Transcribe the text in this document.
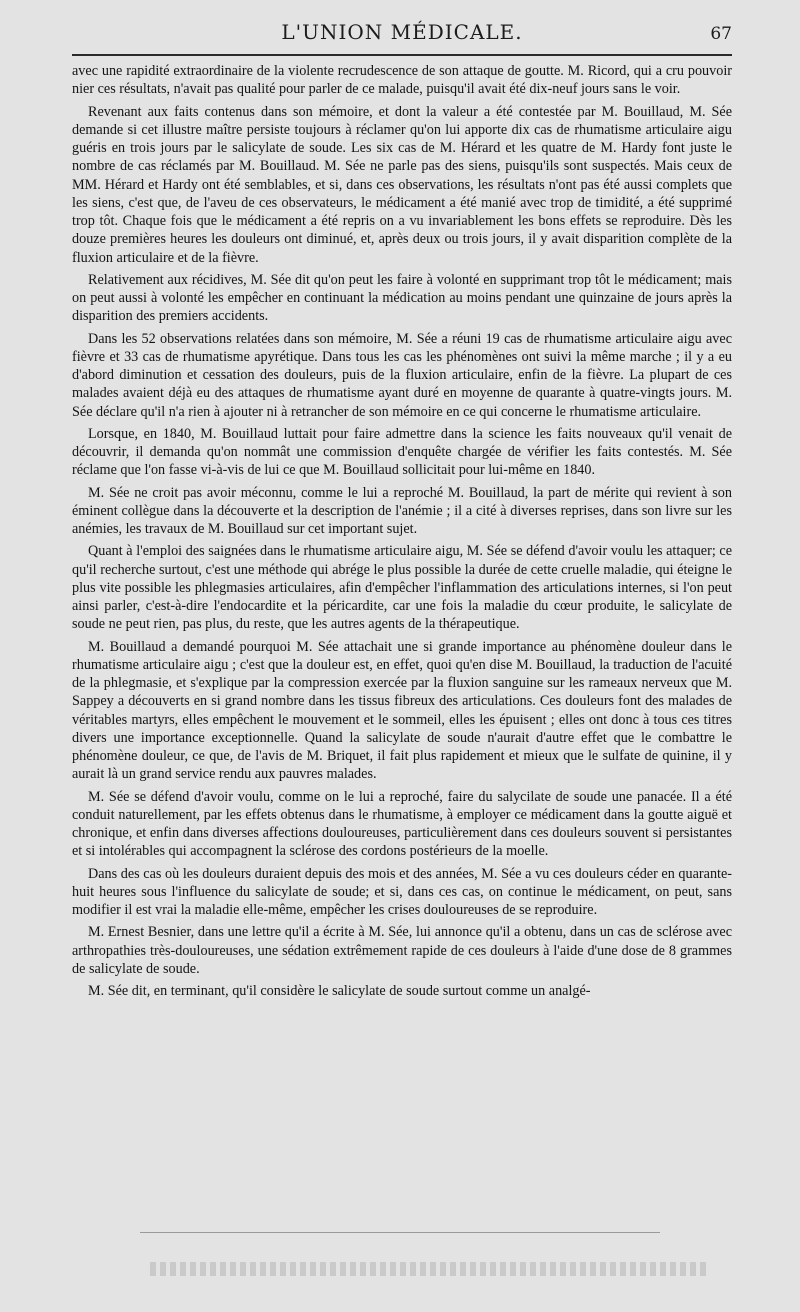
L'UNION MÉDICALE.	67

avec une rapidité extraordinaire de la violente recrudescence de son attaque de goutte. M. Ricord, qui a cru pouvoir nier ces résultats, n'avait pas qualité pour parler de ce malade, puisqu'il avait été dix-neuf jours sans le voir.

Revenant aux faits contenus dans son mémoire, et dont la valeur a été contestée par M. Bouillaud, M. Sée demande si cet illustre maître persiste toujours à réclamer qu'on lui apporte dix cas de rhumatisme articulaire aigu guéris en trois jours par le salicylate de soude. Les six cas de M. Hérard et les quatre de M. Hardy font juste le nombre de cas réclamés par M. Bouillaud. M. Sée ne parle pas des siens, puisqu'ils sont suspectés. Mais ceux de MM. Hérard et Hardy ont été semblables, et si, dans ces observations, les résultats n'ont pas été aussi complets que les siens, c'est que, de l'aveu de ces observateurs, le médicament a été manié avec trop de timidité, a été supprimé trop tôt. Chaque fois que le médicament a été repris on a vu invariablement les bons effets se reproduire. Dès les douze premières heures les douleurs ont diminué, et, après deux ou trois jours, il y avait disparition complète de la fluxion articulaire et de la fièvre.

Relativement aux récidives, M. Sée dit qu'on peut les faire à volonté en supprimant trop tôt le médicament; mais on peut aussi à volonté les empêcher en continuant la médication au moins pendant une quinzaine de jours après la disparition des premiers accidents.

Dans les 52 observations relatées dans son mémoire, M. Sée a réuni 19 cas de rhumatisme articulaire aigu avec fièvre et 33 cas de rhumatisme apyrétique. Dans tous les cas les phénomènes ont suivi la même marche ; il y a eu d'abord diminution et cessation des douleurs, puis de la fluxion articulaire, enfin de la fièvre. La plupart de ces malades avaient déjà eu des attaques de rhumatisme ayant duré en moyenne de quarante à quatre-vingts jours. M. Sée déclare qu'il n'a rien à ajouter ni à retrancher de son mémoire en ce qui concerne le rhumatisme articulaire.

Lorsque, en 1840, M. Bouillaud luttait pour faire admettre dans la science les faits nouveaux qu'il venait de découvrir, il demanda qu'on nommât une commission d'enquête chargée de vérifier les faits contestés. M. Sée réclame que l'on fasse vi-à-vis de lui ce que M. Bouillaud sollicitait pour lui-même en 1840.

M. Sée ne croit pas avoir méconnu, comme le lui a reproché M. Bouillaud, la part de mérite qui revient à son éminent collègue dans la découverte et la description de l'anémie ; il a cité à diverses reprises, dans son livre sur les anémies, les travaux de M. Bouillaud sur cet important sujet.

Quant à l'emploi des saignées dans le rhumatisme articulaire aigu, M. Sée se défend d'avoir voulu les attaquer; ce qu'il recherche surtout, c'est une méthode qui abrége le plus possible la durée de cette cruelle maladie, qui éteigne le plus vite possible les phlegmasies articulaires, afin d'empêcher l'inflammation des articulations internes, si l'on peut ainsi parler, c'est-à-dire l'endocardite et la péricardite, car une fois la maladie du cœur produite, le salicylate de soude ne peut rien, pas plus, du reste, que les autres agents de la thérapeutique.

M. Bouillaud a demandé pourquoi M. Sée attachait une si grande importance au phénomène douleur dans le rhumatisme articulaire aigu ; c'est que la douleur est, en effet, quoi qu'en dise M. Bouillaud, la traduction de l'acuité de la phlegmasie, et s'explique par la compression exercée par la fluxion sanguine sur les rameaux nerveux que M. Sappey a découverts en si grand nombre dans les tissus fibreux des articulations. Ces douleurs font des malades de véritables martyrs, elles empêchent le mouvement et le sommeil, elles les épuisent ; elles ont donc à tous ces titres divers une importance exceptionnelle. Quand la salicylate de soude n'aurait d'autre effet que le combattre le phénomène douleur, ce que, de l'avis de M. Briquet, il fait plus rapidement et mieux que le sulfate de quinine, il y aurait là un grand service rendu aux pauvres malades.

M. Sée se défend d'avoir voulu, comme on le lui a reproché, faire du salycilate de soude une panacée. Il a été conduit naturellement, par les effets obtenus dans le rhumatisme, à employer ce médicament dans la goutte aiguë et chronique, et enfin dans diverses affections douloureuses, particulièrement dans ces douleurs souvent si persistantes et si intolérables qui accompagnent la sclérose des cordons postérieurs de la moelle.

Dans des cas où les douleurs duraient depuis des mois et des années, M. Sée a vu ces douleurs céder en quarante-huit heures sous l'influence du salicylate de soude; et si, dans ces cas, on continue le médicament, on peut, sans modifier il est vrai la maladie elle-même, empêcher les crises douloureuses de se reproduire.

M. Ernest Besnier, dans une lettre qu'il a écrite à M. Sée, lui annonce qu'il a obtenu, dans un cas de sclérose avec arthropathies très-douloureuses, une sédation extrêmement rapide de ces douleurs à l'aide d'une dose de 8 grammes de salicylate de soude.

M. Sée dit, en terminant, qu'il considère le salicylate de soude surtout comme un analgé-
